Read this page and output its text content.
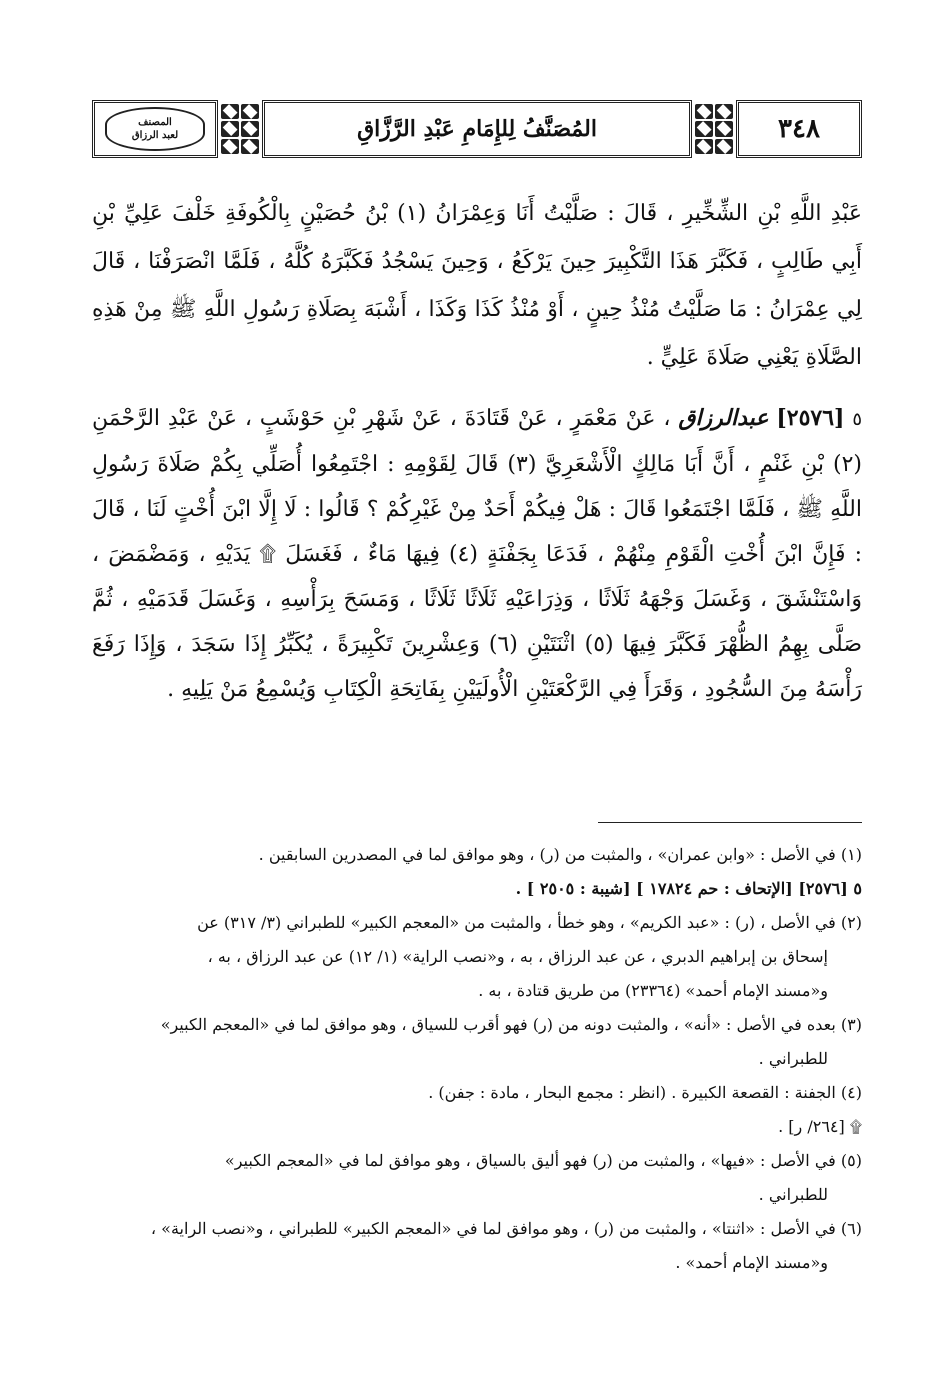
٣٤٨
المُصَنَّفُ لِلإِمَامِ عَبْدِ الرَّزَّاقِ
المصنف
لعبد الرزاق
عَبْدِ اللَّهِ بْنِ الشِّخِّيرِ ، قَالَ : صَلَّيْتُ أَنَا وَعِمْرَانُ (١) بْنُ حُصَيْنٍ بِالْكُوفَةِ خَلْفَ عَلِيِّ بْنِ أَبِي طَالِبٍ ، فَكَبَّرَ هَذَا التَّكْبِيرَ حِينَ يَرْكَعُ ، وَحِينَ يَسْجُدُ فَكَبَّرَهُ كُلَّهُ ، فَلَمَّا انْصَرَفْنَا ، قَالَ لِي عِمْرَانُ : مَا صَلَّيْتُ مُنْذُ حِينٍ ، أَوْ مُنْذُ كَذَا وَكَذَا ، أَشْبَهَ بِصَلَاةِ رَسُولِ اللَّهِ ﷺ مِنْ هَذِهِ الصَّلَاةِ يَعْنِي صَلَاةَ عَلِيٍّ .
٥ [٢٥٧٦] عبدالرزاق ، عَنْ مَعْمَرٍ ، عَنْ قَتَادَةَ ، عَنْ شَهْرِ بْنِ حَوْشَبٍ ، عَنْ عَبْدِ الرَّحْمَنِ (٢) بْنِ غَنْمٍ ، أَنَّ أَبَا مَالِكٍ الْأَشْعَرِيَّ (٣) قَالَ لِقَوْمِهِ : اجْتَمِعُوا أُصَلِّي بِكُمْ صَلَاةَ رَسُولِ اللَّهِ ﷺ ، فَلَمَّا اجْتَمَعُوا قَالَ : هَلْ فِيكُمْ أَحَدٌ مِنْ غَيْرِكُمْ ؟ قَالُوا : لَا إِلَّا ابْنَ أُخْتٍ لَنَا ، قَالَ : فَإِنَّ ابْنَ أُخْتِ الْقَوْمِ مِنْهُمْ ، فَدَعَا بِجَفْنَةٍ (٤) فِيهَا مَاءٌ ، فَغَسَلَ ۩ يَدَيْهِ ، وَمَضْمَضَ ، وَاسْتَنْشَقَ ، وَغَسَلَ وَجْهَهُ ثَلَاثًا ، وَذِرَاعَيْهِ ثَلَاثًا ثَلَاثًا ، وَمَسَحَ بِرَأْسِهِ ، وَغَسَلَ قَدَمَيْهِ ، ثُمَّ صَلَّى بِهِمُ الظُّهْرَ فَكَبَّرَ فِيهَا (٥) اثْنَتَيْنِ (٦) وَعِشْرِينَ تَكْبِيرَةً ، يُكَبِّرُ إِذَا سَجَدَ ، وَإِذَا رَفَعَ رَأْسَهُ مِنَ السُّجُودِ ، وَقَرَأَ فِي الرَّكْعَتَيْنِ الْأُولَيَيْنِ بِفَاتِحَةِ الْكِتَابِ وَيُسْمِعُ مَنْ يَلِيهِ .

(١) في الأصل : «وابن عمران» ، والمثبت من (ر) ، وهو موافق لما في المصدرين السابقين .

٥ [٢٥٧٦] [الإتحاف : حم ١٧٨٢٤ ] [شيبة : ٢٥٠٥ ] .

(٢) في الأصل ، (ر) : «عبد الكريم» ، وهو خطأ ، والمثبت من «المعجم الكبير» للطبراني (٣/ ٣١٧) عن

إسحاق بن إبراهيم الدبري ، عن عبد الرزاق ، به ، و«نصب الراية» (١/ ١٢) عن عبد الرزاق ، به ،

و«مسند الإمام أحمد» (٢٣٣٦٤) من طريق قتادة ، به .

(٣) بعده في الأصل : «أنه» ، والمثبت دونه من (ر) فهو أقرب للسياق ، وهو موافق لما في «المعجم الكبير»

للطبراني .

(٤) الجفنة : القصعة الكبيرة . (انظر : مجمع البحار ، مادة : جفن) .

۩ [٢٦٤/ ر] .

(٥) في الأصل : «فيها» ، والمثبت من (ر) فهو أليق بالسياق ، وهو موافق لما في «المعجم الكبير»

للطبراني .

(٦) في الأصل : «اثنتا» ، والمثبت من (ر) ، وهو موافق لما في «المعجم الكبير» للطبراني ، و«نصب الراية» ،

و«مسند الإمام أحمد» .
